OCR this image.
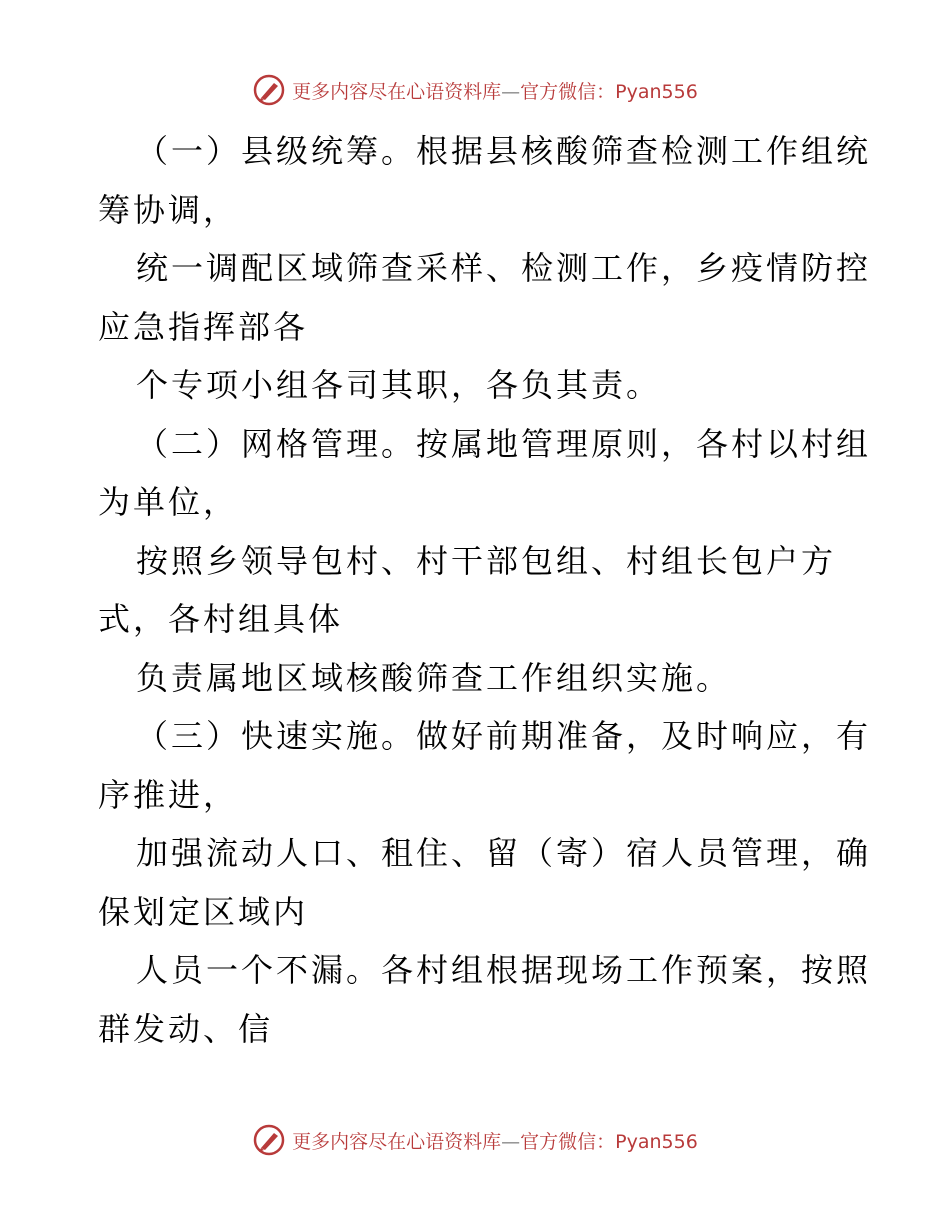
更多内容尽在心语资料库—官方微信：Pyan556
（一）县级统筹。根据县核酸筛查检测工作组统
筹协调，
统一调配区域筛查采样、检测工作，乡疫情防控
应急指挥部各
个专项小组各司其职，各负其责。
（二）网格管理。按属地管理原则，各村以村组
为单位，
按照乡领导包村、村干部包组、村组长包户方
式，各村组具体
负责属地区域核酸筛查工作组织实施。
（三）快速实施。做好前期准备，及时响应，有
序推进，
加强流动人口、租住、留（寄）宿人员管理，确
保划定区域内
人员一个不漏。各村组根据现场工作预案，按照
群发动、信
更多内容尽在心语资料库—官方微信：Pyan556
